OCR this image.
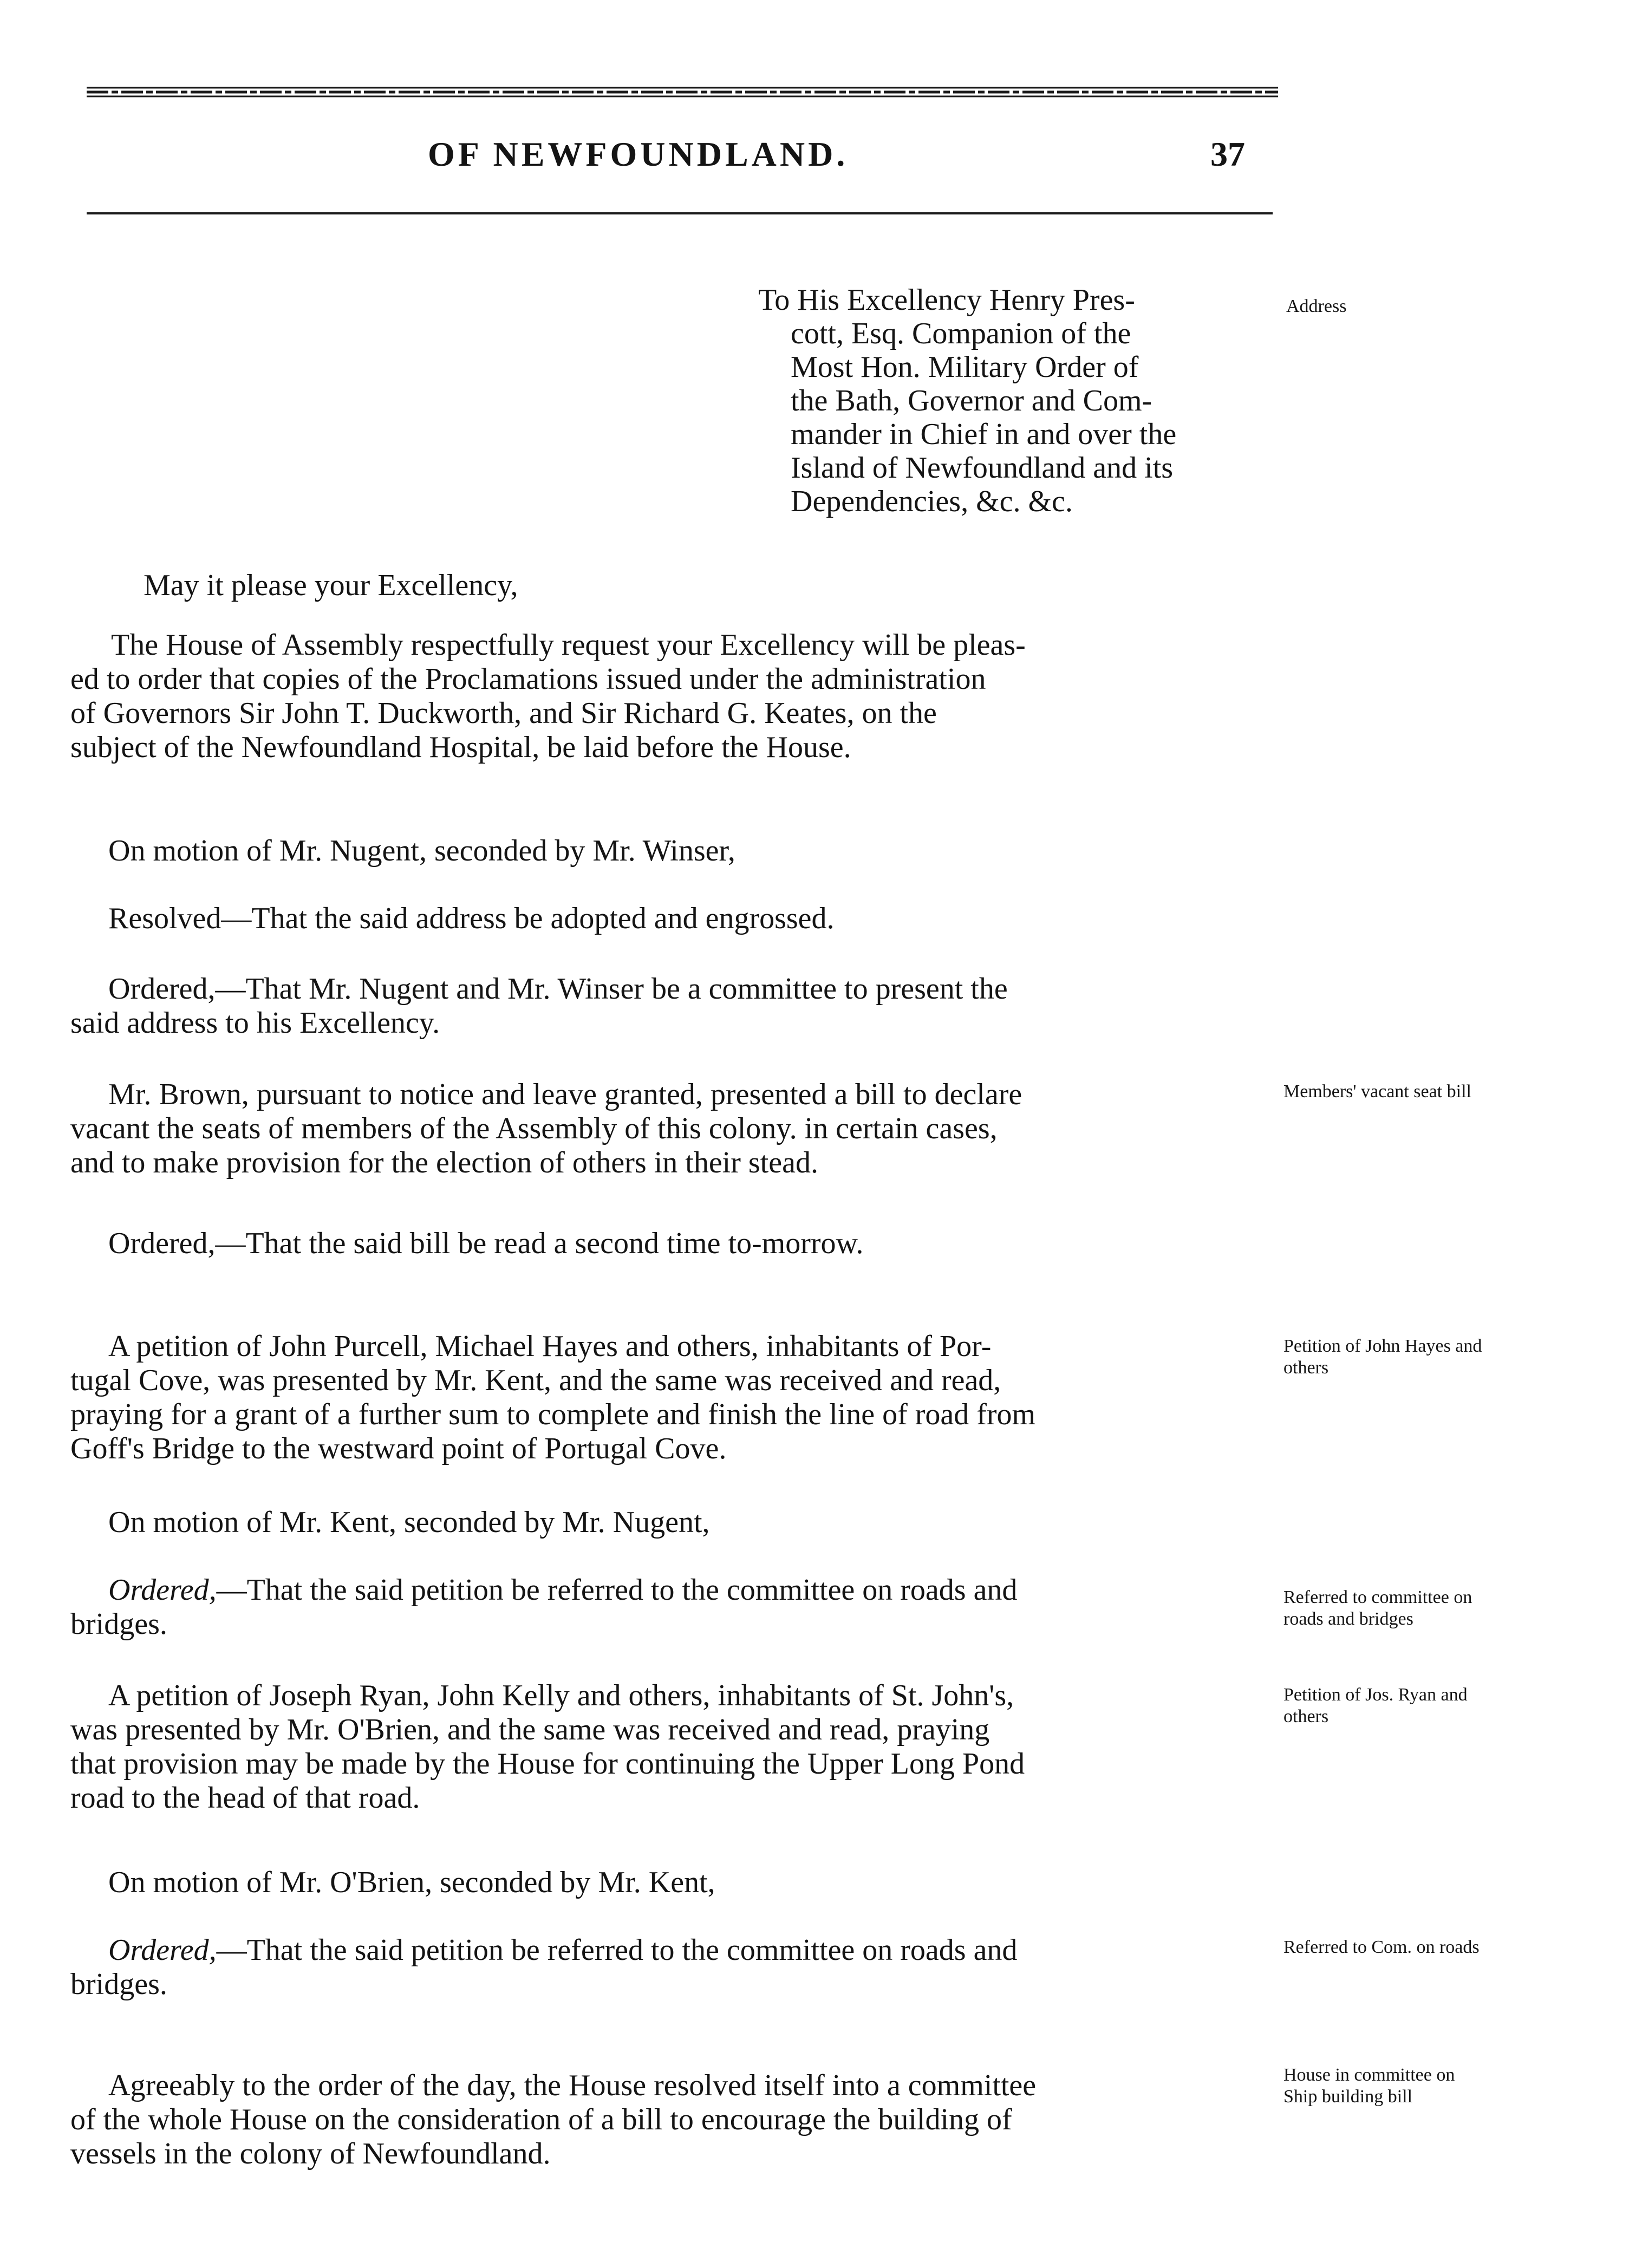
OF NEWFOUNDLAND.	37
To His Excellency Henry Pres-
cott, Esq. Companion of the
Most Hon. Military Order of
the Bath, Governor and Com-
mander in Chief in and over the
Island of Newfoundland and its
Dependencies, &c. &c.
Address
May it please your Excellency,
The House of Assembly respectfully request your Excellency will be pleas-
ed to order that copies of the Proclamations issued under the administration
of Governors Sir John T. Duckworth, and Sir Richard G. Keates, on the
subject of the Newfoundland Hospital, be laid before the House.
On motion of Mr. Nugent, seconded by Mr. Winser,
Resolved—That the said address be adopted and engrossed.
Ordered,—That Mr. Nugent and Mr. Winser be a committee to present the
said address to his Excellency.
Mr. Brown, pursuant to notice and leave granted, presented a bill to declare
vacant the seats of members of the Assembly of this colony. in certain cases,
and to make provision for the election of others in their stead.
Members' vacant seat bill
Ordered,—That the said bill be read a second time to-morrow.
A petition of John Purcell, Michael Hayes and others, inhabitants of Por-
tugal Cove, was presented by Mr. Kent, and the same was received and read,
praying for a grant of a further sum to complete and finish the line of road from
Goff's Bridge to the westward point of Portugal Cove.
Petition of John Hayes and
others
On motion of Mr. Kent, seconded by Mr. Nugent,
Ordered,—That the said petition be referred to the committee on roads and
bridges.
Referred to committee on
roads and bridges
A petition of Joseph Ryan, John Kelly and others, inhabitants of St. John's,
was presented by Mr. O'Brien, and the same was received and read, praying
that provision may be made by the House for continuing the Upper Long Pond
road to the head of that road.
Petition of Jos. Ryan and
others
On motion of Mr. O'Brien, seconded by Mr. Kent,
Ordered,—That the said petition be referred to the committee on roads and
bridges.
Referred to Com. on roads
Agreeably to the order of the day, the House resolved itself into a committee
of the whole House on the consideration of a bill to encourage the building of
vessels in the colony of Newfoundland.
House in committee on
Ship building bill
